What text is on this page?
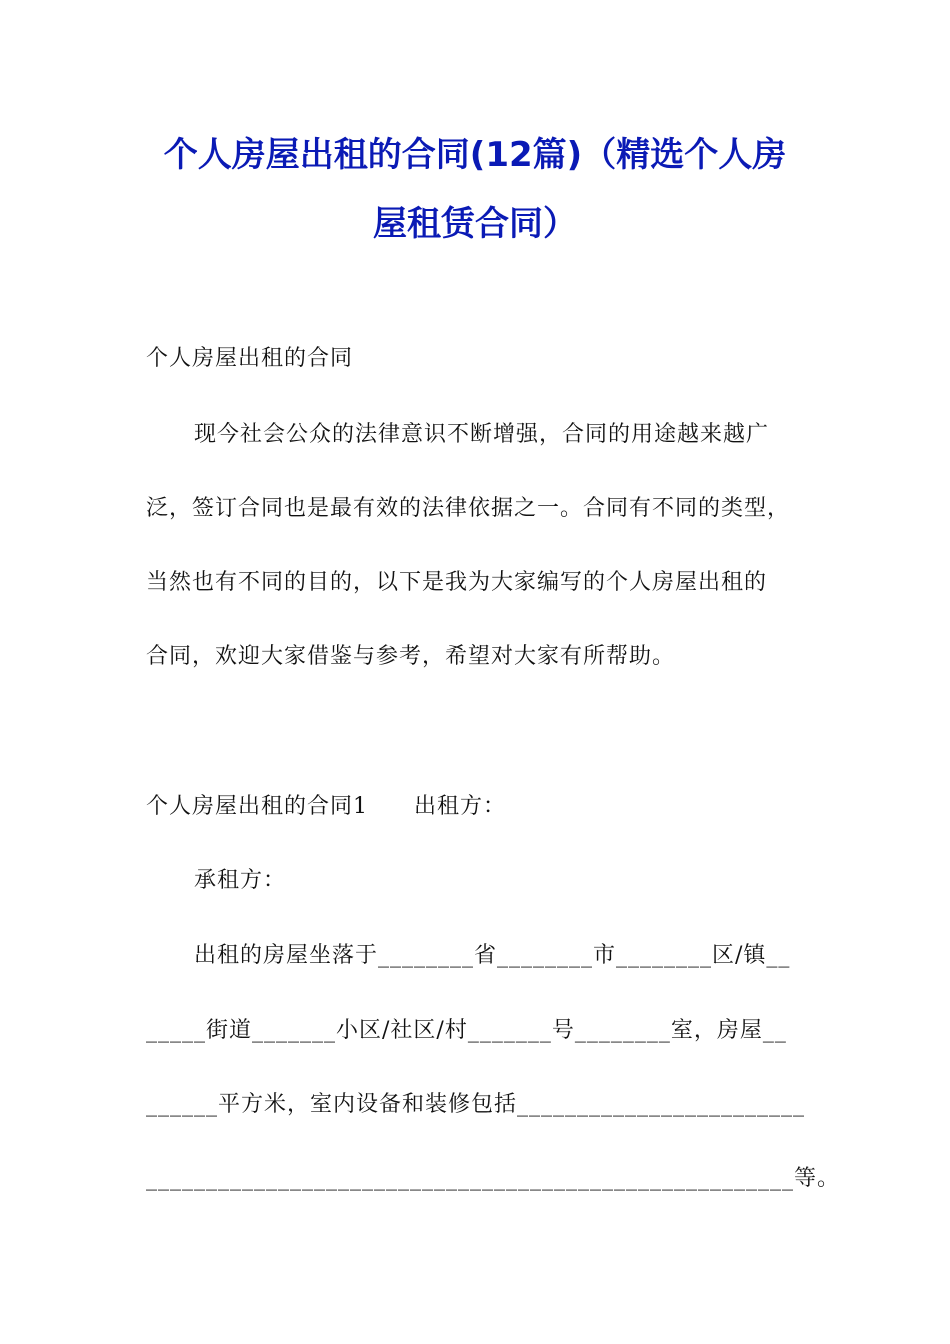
个人房屋出租的合同(12篇)（精选个人房
屋租赁合同）
个人房屋出租的合同
现今社会公众的法律意识不断增强，合同的用途越来越广
泛，签订合同也是最有效的法律依据之一。合同有不同的类型，
当然也有不同的目的，以下是我为大家编写的个人房屋出租的
合同，欢迎大家借鉴与参考，希望对大家有所帮助。
个人房屋出租的合同1　　出租方：
承租方：
出租的房屋坐落于________省________市________区/镇__
_____街道_______小区/社区/村_______号________室，房屋__
______平方米，室内设备和装修包括________________________
______________________________________________________等。
